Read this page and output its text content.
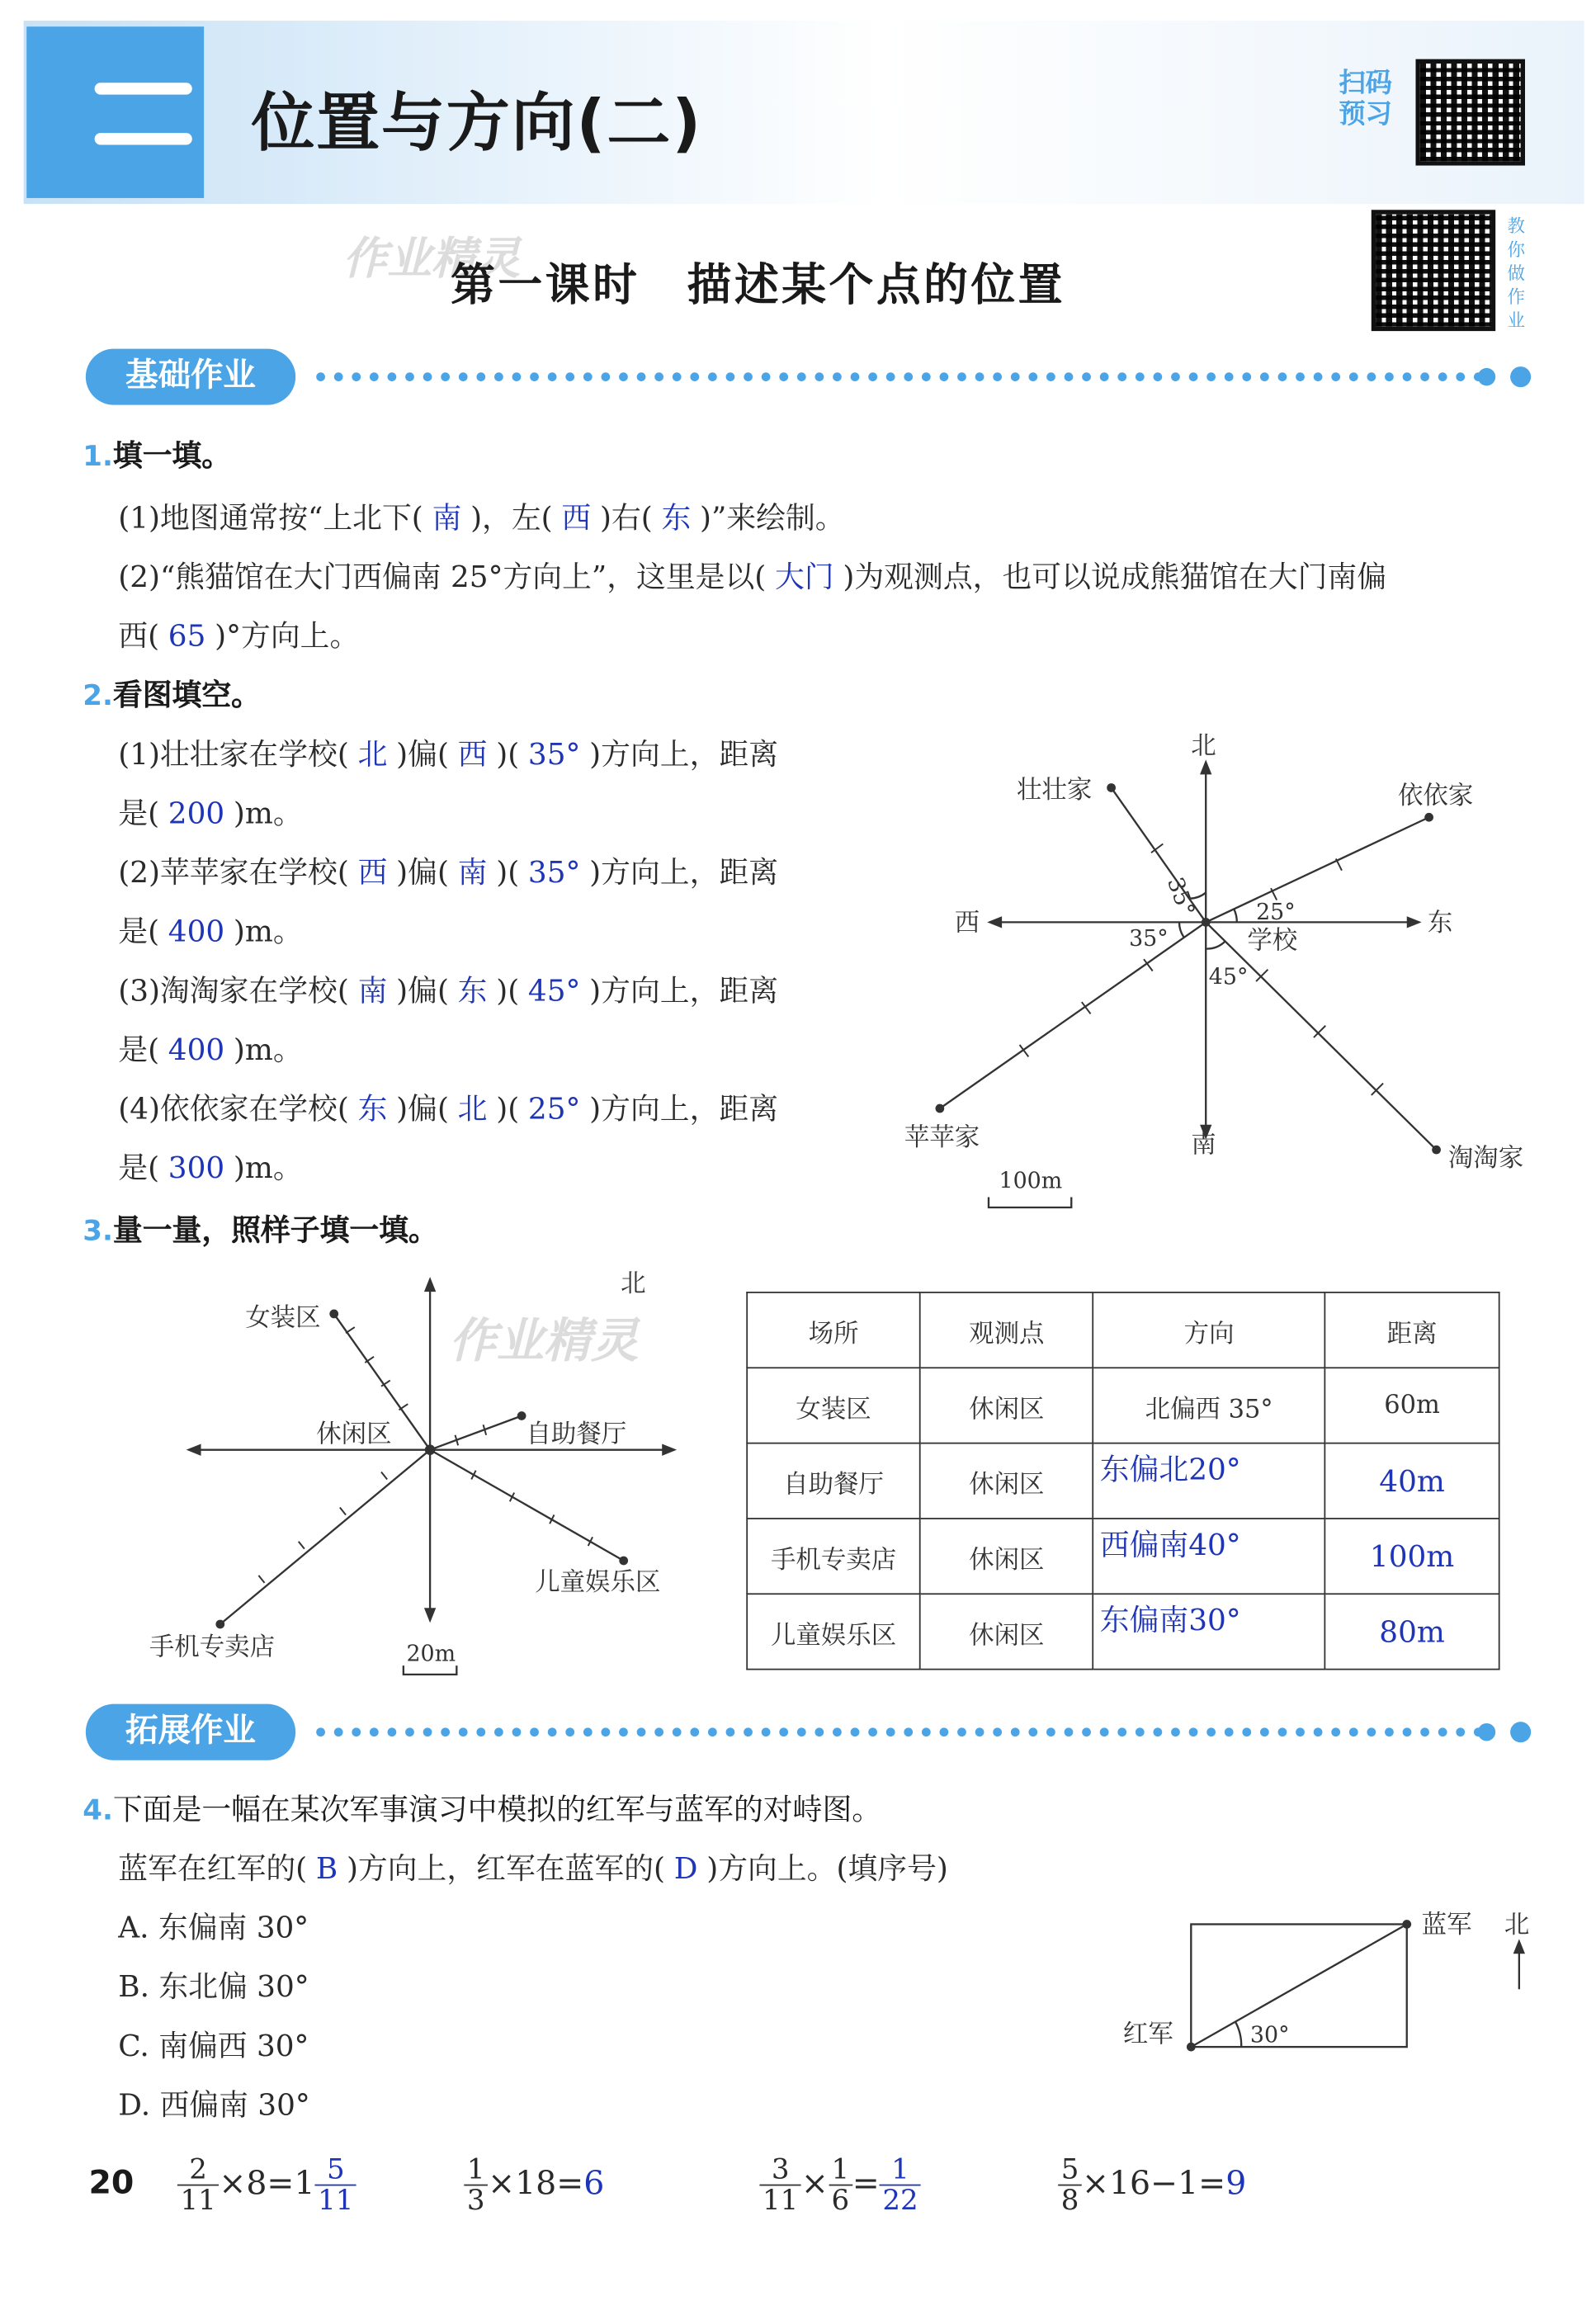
位置与方向(二)
扫码
预习
作业精灵
第一课时　描述某个点的位置
教
你
做
作
业
基础作业
1.填一填。
(1)地图通常按“上北下( 南 )，左( 西 )右( 东 )”来绘制。
(2)“熊猫馆在大门西偏南 25°方向上”，这里是以( 大门 )为观测点，也可以说成熊猫馆在大门南偏
西( 65 )°方向上。
2.看图填空。
(1)壮壮家在学校( 北 )偏( 西 )( 35° )方向上，距离
是( 200 )m。
(2)苹苹家在学校( 西 )偏( 南 )( 35° )方向上，距离
是( 400 )m。
(3)淘淘家在学校( 南 )偏( 东 )( 45° )方向上，距离
是( 400 )m。
(4)依依家在学校( 东 )偏( 北 )( 25° )方向上，距离
是( 300 )m。
北
南
东
西
壮壮家	依依家
苹苹家
淘淘家
学校
35°	25°
35°
45°
100m
3.量一量，照样子填一填。
北
女装区
休闲区	自助餐厅
儿童娱乐区
手机专卖店	20m
作业精灵	场所	观测点	方向	距离
女装区	休闲区	北偏西 35°	60m
自助餐厅	休闲区	东偏北20°	40m
手机专卖店	休闲区	西偏南40°	100m
儿童娱乐区	休闲区	东偏南30°	80m
拓展作业
4.下面是一幅在某次军事演习中模拟的红军与蓝军的对峙图。
蓝军在红军的( B )方向上，红军在蓝军的( D )方向上。(填序号)
A. 东偏南 30°
B. 东北偏 30°
C. 南偏西 30°
D. 西偏南 30°
蓝军
红军
北
30°
20	$\frac{2}{11} \times 8=1 \frac{5}{11}$	$\frac{1}{3} \times 18=6$	$\frac{3}{11} \times \frac{1}{6} = \frac{1}{22}$	$\frac{5}{8} \times 16-1=9$
